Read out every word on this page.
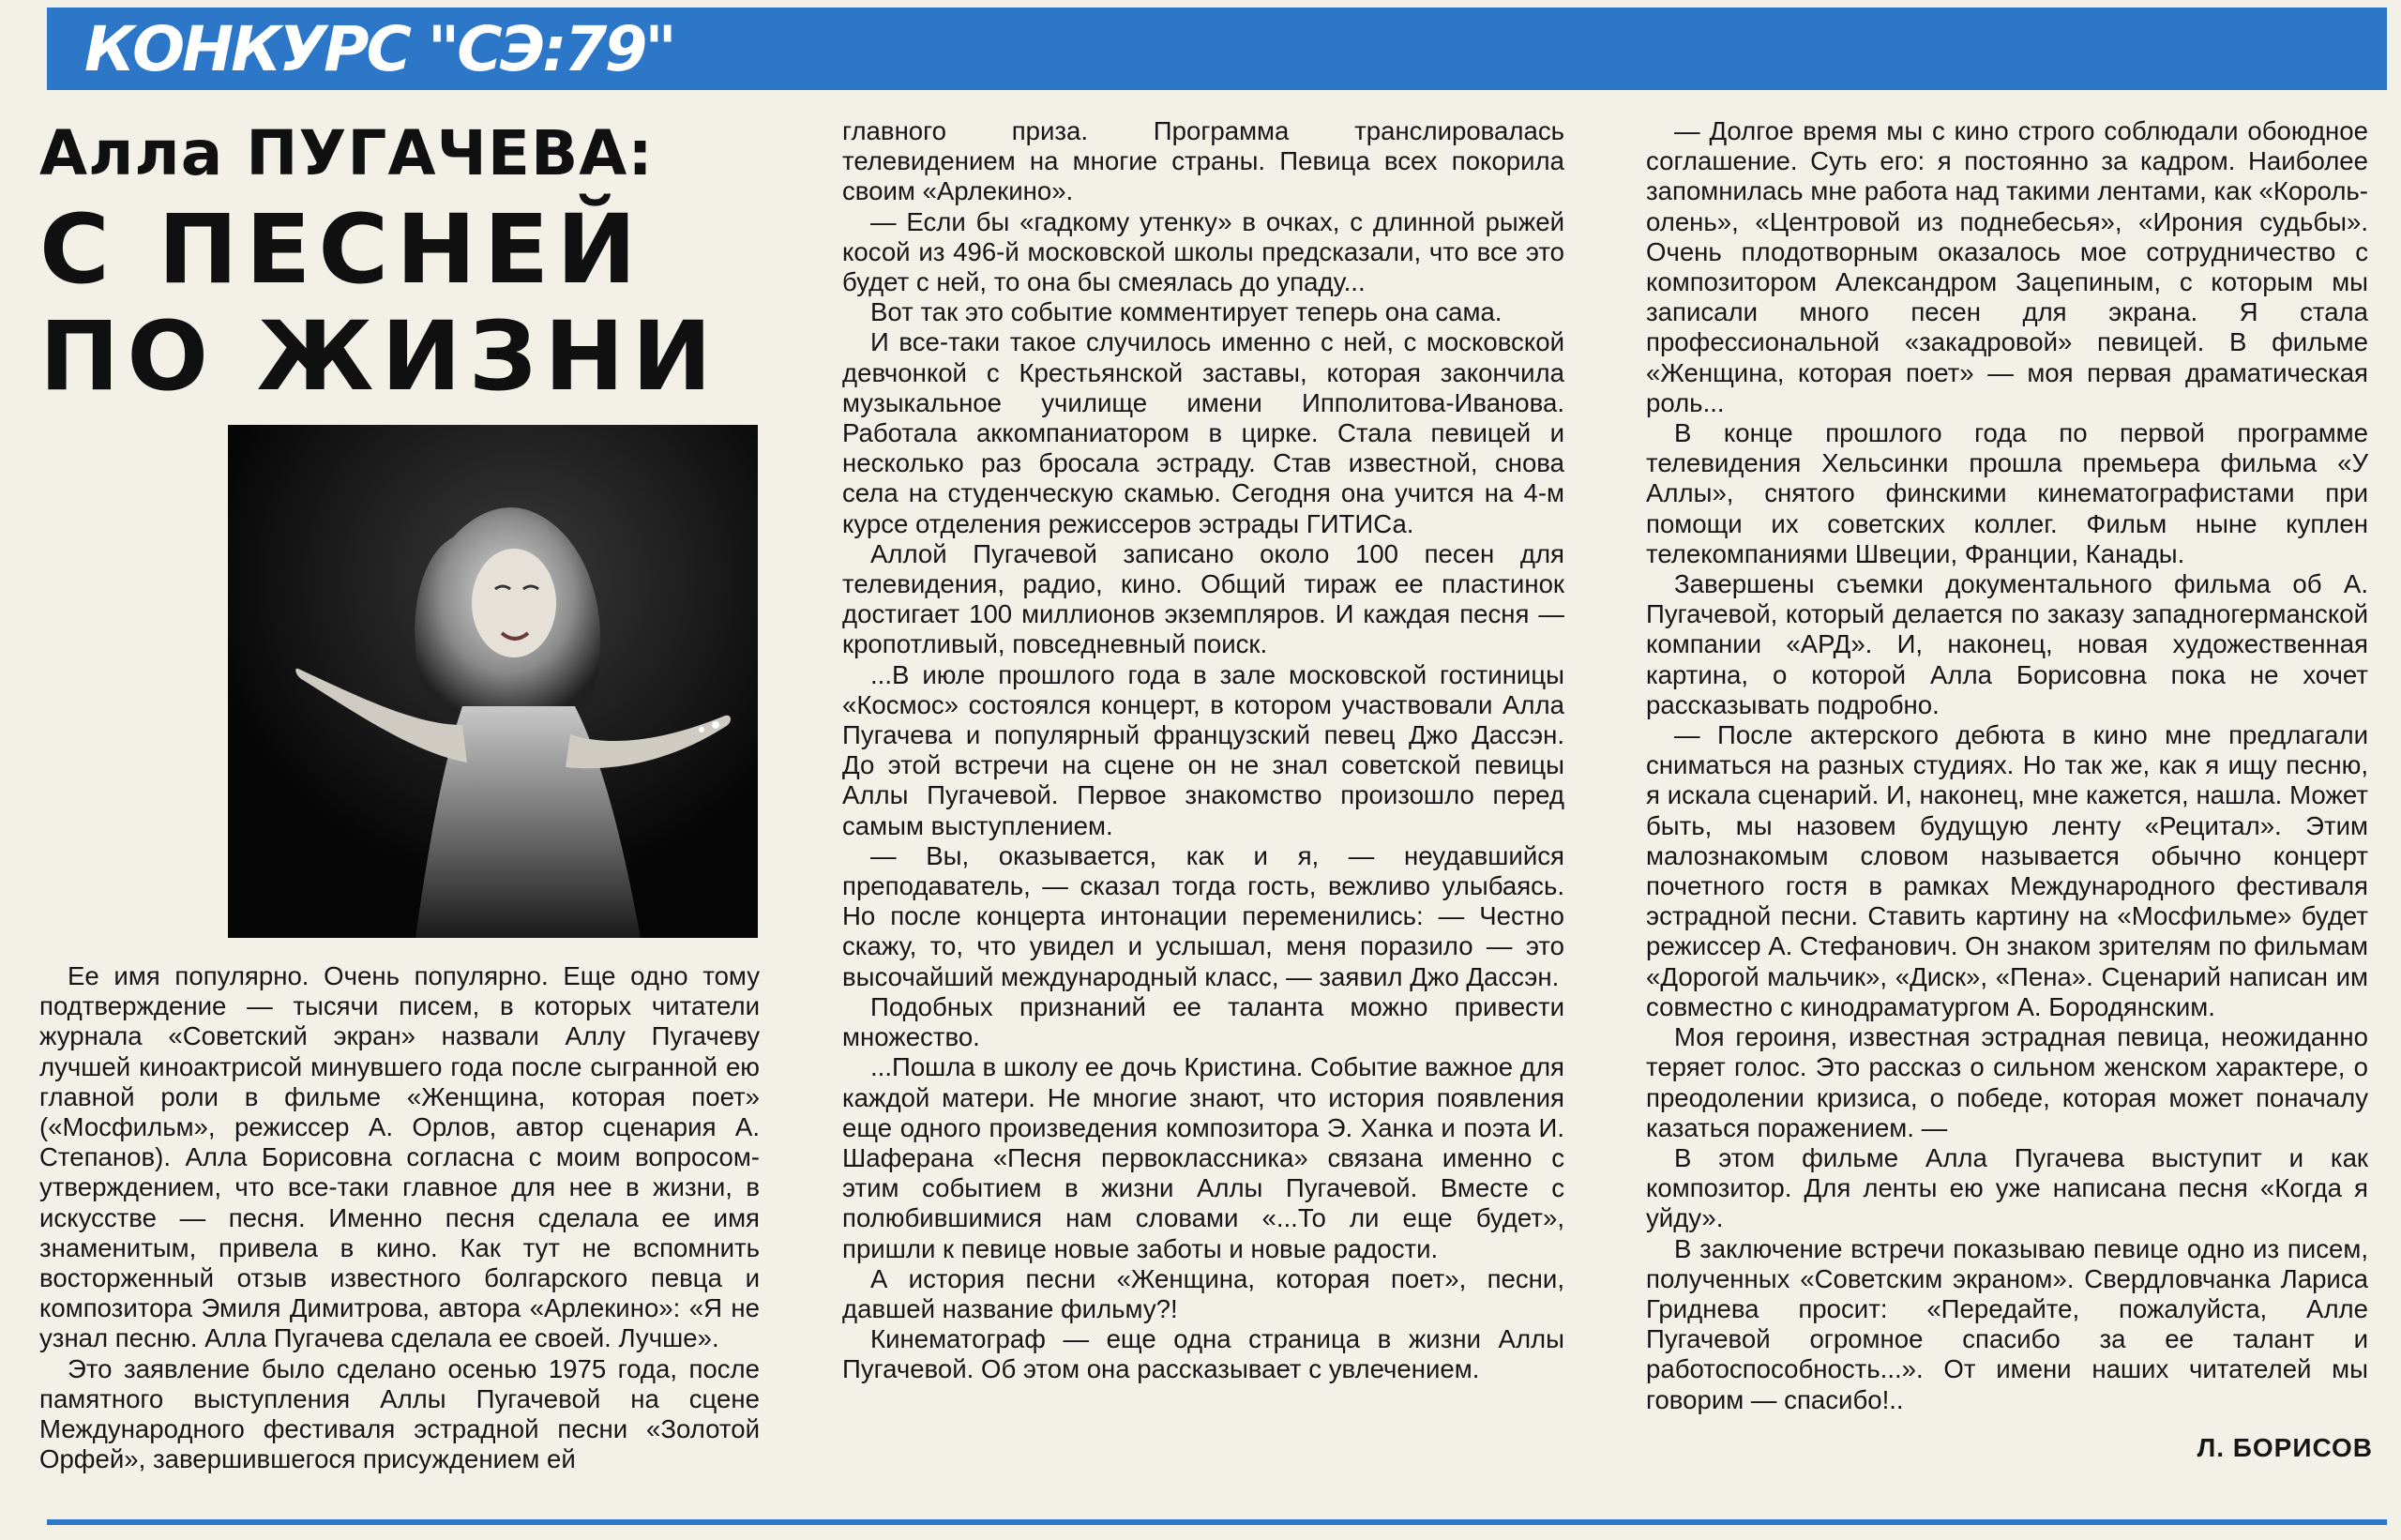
КОНКУРС "СЭ:79"
Алла ПУГАЧЕВА:
С ПЕСНЕЙ
ПО ЖИЗНИ

Ее имя популярно. Очень популярно. Еще одно тому подтверждение — тысячи писем, в которых читатели журнала «Советский экран» назвали Аллу Пугачеву лучшей киноактрисой минувшего года после сыгранной ею главной роли в фильме «Женщина, которая поет» («Мосфильм», режиссер А. Орлов, автор сценария А. Степанов). Алла Борисовна согласна с моим вопросом-утверждением, что все-таки главное для нее в жизни, в искусстве — песня. Именно песня сделала ее имя знаменитым, привела в кино. Как тут не вспомнить восторженный отзыв известного болгарского певца и композитора Эмиля Димитрова, автора «Арлекино»: «Я не узнал песню. Алла Пугачева сделала ее своей. Лучше».

Это заявление было сделано осенью 1975 года, после памятного выступления Аллы Пугачевой на сцене Международного фестиваля эстрадной песни «Золотой Орфей», завершившегося присуждением ей

главного приза. Программа транслировалась телевидением на многие страны. Певица всех покорила своим «Арлекино».

— Если бы «гадкому утенку» в очках, с длинной рыжей косой из 496-й московской школы предсказали, что все это будет с ней, то она бы смеялась до упаду...

Вот так это событие комментирует теперь она сама.

И все-таки такое случилось именно с ней, с московской девчонкой с Крестьянской заставы, которая закончила музыкальное училище имени Ипполитова-Иванова. Работала аккомпаниатором в цирке. Стала певицей и несколько раз бросала эстраду. Став известной, снова села на студенческую скамью. Сегодня она учится на 4-м курсе отделения режиссеров эстрады ГИТИСа.

Аллой Пугачевой записано около 100 песен для телевидения, радио, кино. Общий тираж ее пластинок достигает 100 миллионов экземпляров. И каждая песня — кропотливый, повседневный поиск.

...В июле прошлого года в зале московской гостиницы «Космос» состоялся концерт, в котором участвовали Алла Пугачева и популярный французский певец Джо Дассэн. До этой встречи на сцене он не знал советской певицы Аллы Пугачевой. Первое знакомство произошло перед самым выступлением.

— Вы, оказывается, как и я, — неудавшийся преподаватель, — сказал тогда гость, вежливо улыбаясь. Но после концерта интонации переменились: — Честно скажу, то, что увидел и услышал, меня поразило — это высочайший международный класс, — заявил Джо Дассэн.

Подобных признаний ее таланта можно привести множество.

...Пошла в школу ее дочь Кристина. Событие важное для каждой матери. Не многие знают, что история появления еще одного произведения композитора Э. Ханка и поэта И. Шаферана «Песня первоклассника» связана именно с этим событием в жизни Аллы Пугачевой. Вместе с полюбившимися нам словами «...То ли еще будет», пришли к певице новые заботы и новые радости.

А история песни «Женщина, которая поет», песни, давшей название фильму?!

Кинематограф — еще одна страница в жизни Аллы Пугачевой. Об этом она рассказывает с увлечением.

— Долгое время мы с кино строго соблюдали обоюдное соглашение. Суть его: я постоянно за кадром. Наиболее запомнилась мне работа над такими лентами, как «Король-олень», «Центровой из поднебесья», «Ирония судьбы». Очень плодотворным оказалось мое сотрудничество с композитором Александром Зацепиным, с которым мы записали много песен для экрана. Я стала профессиональной «закадровой» певицей. В фильме «Женщина, которая поет» — моя первая драматическая роль...

В конце прошлого года по первой программе телевидения Хельсинки прошла премьера фильма «У Аллы», снятого финскими кинематографистами при помощи их советских коллег. Фильм ныне куплен телекомпаниями Швеции, Франции, Канады.

Завершены съемки документального фильма об А. Пугачевой, который делается по заказу западногерманской компании «АРД». И, наконец, новая художественная картина, о которой Алла Борисовна пока не хочет рассказывать подробно.

— После актерского дебюта в кино мне предлагали сниматься на разных студиях. Но так же, как я ищу песню, я искала сценарий. И, наконец, мне кажется, нашла. Может быть, мы назовем будущую ленту «Рецитал». Этим малознакомым словом называется обычно концерт почетного гостя в рамках Международного фестиваля эстрадной песни. Ставить картину на «Мосфильме» будет режиссер А. Стефанович. Он знаком зрителям по фильмам «Дорогой мальчик», «Диск», «Пена». Сценарий написан им совместно с кинодраматургом А. Бородянским.

Моя героиня, известная эстрадная певица, неожиданно теряет голос. Это рассказ о сильном женском характере, о преодолении кризиса, о победе, которая может поначалу казаться поражением. —

В этом фильме Алла Пугачева выступит и как композитор. Для ленты ею уже написана песня «Когда я уйду».

В заключение встречи показываю певице одно из писем, полученных «Советским экраном». Свердловчанка Лариса Гриднева просит: «Передайте, пожалуйста, Алле Пугачевой огромное спасибо за ее талант и работоспособность...». От имени наших читателей мы говорим — спасибо!..

Л. БОРИСОВ
